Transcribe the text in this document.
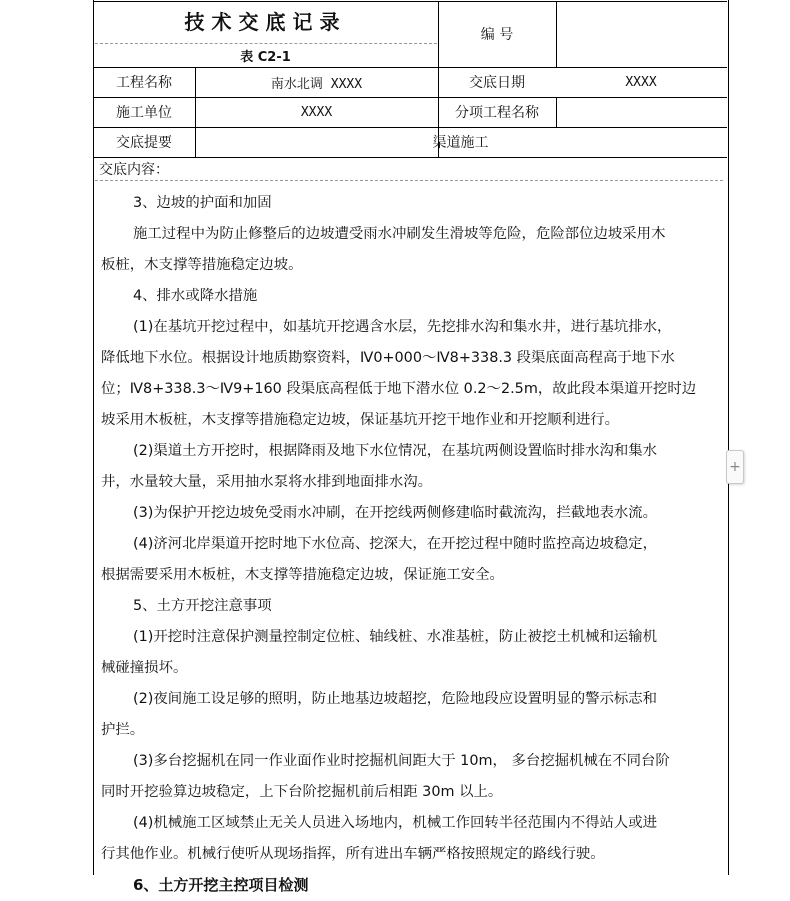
技术交底记录
表 C2-1
编 号
工程名称	南水北调 XXXX	交底日期	XXXX
施工单位	XXXX	分项工程名称
交底提要	渠道施工
交底内容：
3、边坡的护面和加固
施工过程中为防止修整后的边坡遭受雨水冲刷发生滑坡等危险，危险部位边坡采用木
板桩，木支撑等措施稳定边坡。
4、排水或降水措施
(1)在基坑开挖过程中，如基坑开挖遇含水层，先挖排水沟和集水井，进行基坑排水，
降低地下水位。根据设计地质勘察资料，Ⅳ0+000～Ⅳ8+338.3 段渠底面高程高于地下水
位；Ⅳ8+338.3～Ⅳ9+160 段渠底高程低于地下潜水位 0.2～2.5m，故此段本渠道开挖时边
坡采用木板桩，木支撑等措施稳定边坡，保证基坑开挖干地作业和开挖顺利进行。
(2)渠道土方开挖时，根据降雨及地下水位情况，在基坑两侧设置临时排水沟和集水
井，水量较大量，采用抽水泵将水排到地面排水沟。
(3)为保护开挖边坡免受雨水冲刷，在开挖线两侧修建临时截流沟，拦截地表水流。
(4)济河北岸渠道开挖时地下水位高、挖深大，在开挖过程中随时监控高边坡稳定，
根据需要采用木板桩，木支撑等措施稳定边坡，保证施工安全。
5、土方开挖注意事项
(1)开挖时注意保护测量控制定位桩、轴线桩、水准基桩，防止被挖土机械和运输机
械碰撞损坏。
(2)夜间施工设足够的照明，防止地基边坡超挖，危险地段应设置明显的警示标志和
护拦。
(3)多台挖掘机在同一作业面作业时挖掘机间距大于 10m， 多台挖掘机械在不同台阶
同时开挖验算边坡稳定，上下台阶挖掘机前后相距 30m 以上。
(4)机械施工区域禁止无关人员进入场地内，机械工作回转半径范围内不得站人或进
行其他作业。机械行使听从现场指挥，所有进出车辆严格按照规定的路线行驶。
6、土方开挖主控项目检测
+
